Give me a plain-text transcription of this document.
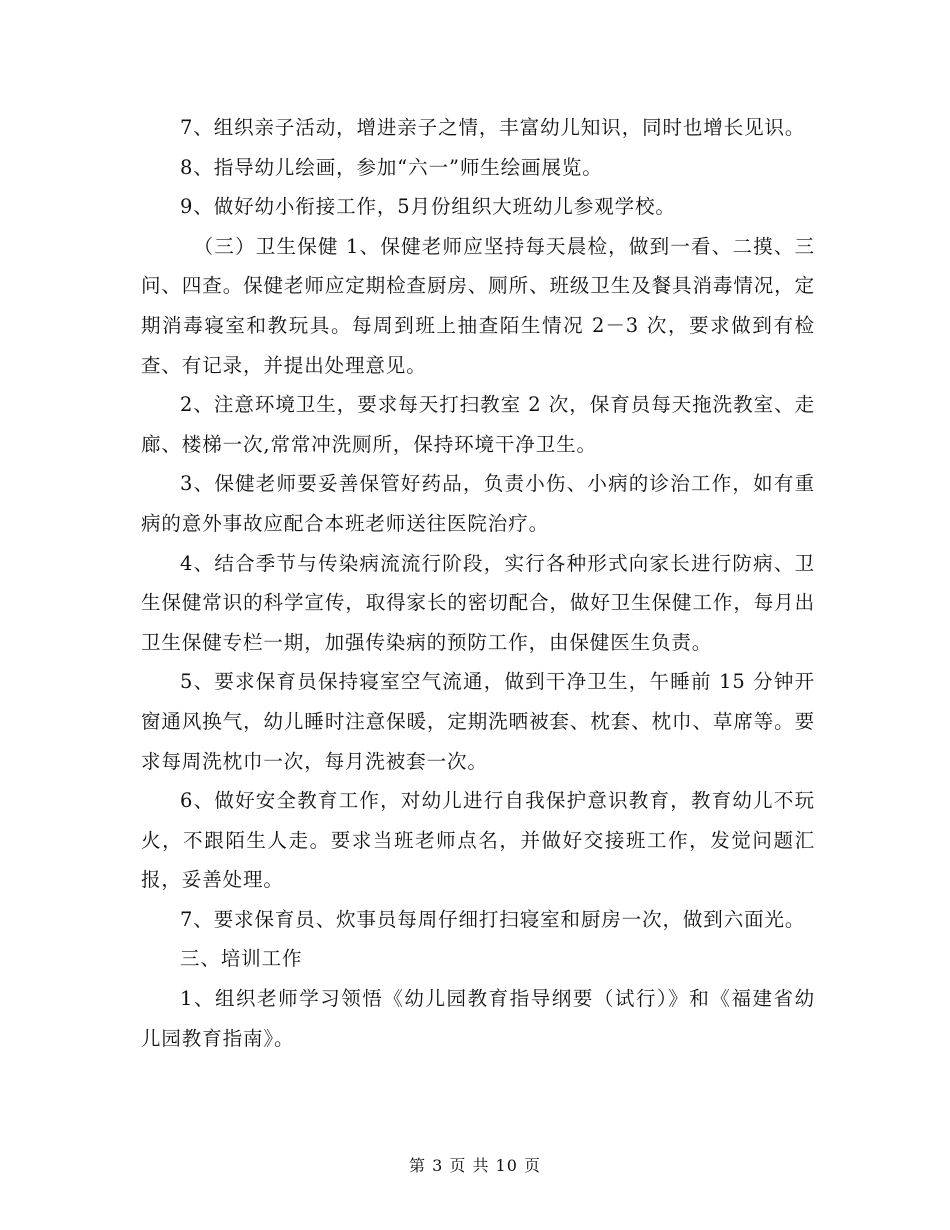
7、组织亲子活动，增进亲子之情，丰富幼儿知识，同时也增长见识。

8、指导幼儿绘画，参加“六一”师生绘画展览。

9、做好幼小衔接工作，5月份组织大班幼儿参观学校。

（三）卫生保健 1、保健老师应坚持每天晨检，做到一看、二摸、三问、四查。保健老师应定期检查厨房、厕所、班级卫生及餐具消毒情况，定期消毒寝室和教玩具。每周到班上抽查陌生情况 2－3 次，要求做到有检查、有记录，并提出处理意见。

2、注意环境卫生，要求每天打扫教室 2 次，保育员每天拖洗教室、走廊、楼梯一次,常常冲洗厕所，保持环境干净卫生。

3、保健老师要妥善保管好药品，负责小伤、小病的诊治工作，如有重病的意外事故应配合本班老师送往医院治疗。

4、结合季节与传染病流流行阶段，实行各种形式向家长进行防病、卫生保健常识的科学宣传，取得家长的密切配合，做好卫生保健工作，每月出卫生保健专栏一期，加强传染病的预防工作，由保健医生负责。

5、要求保育员保持寝室空气流通，做到干净卫生，午睡前 15 分钟开窗通风换气，幼儿睡时注意保暖，定期洗晒被套、枕套、枕巾、草席等。要求每周洗枕巾一次，每月洗被套一次。

6、做好安全教育工作，对幼儿进行自我保护意识教育，教育幼儿不玩火，不跟陌生人走。要求当班老师点名，并做好交接班工作，发觉问题汇报，妥善处理。

7、要求保育员、炊事员每周仔细打扫寝室和厨房一次，做到六面光。

三、培训工作

1、组织老师学习领悟《幼儿园教育指导纲要（试行）》和《福建省幼儿园教育指南》。

第 3 页 共 10 页
